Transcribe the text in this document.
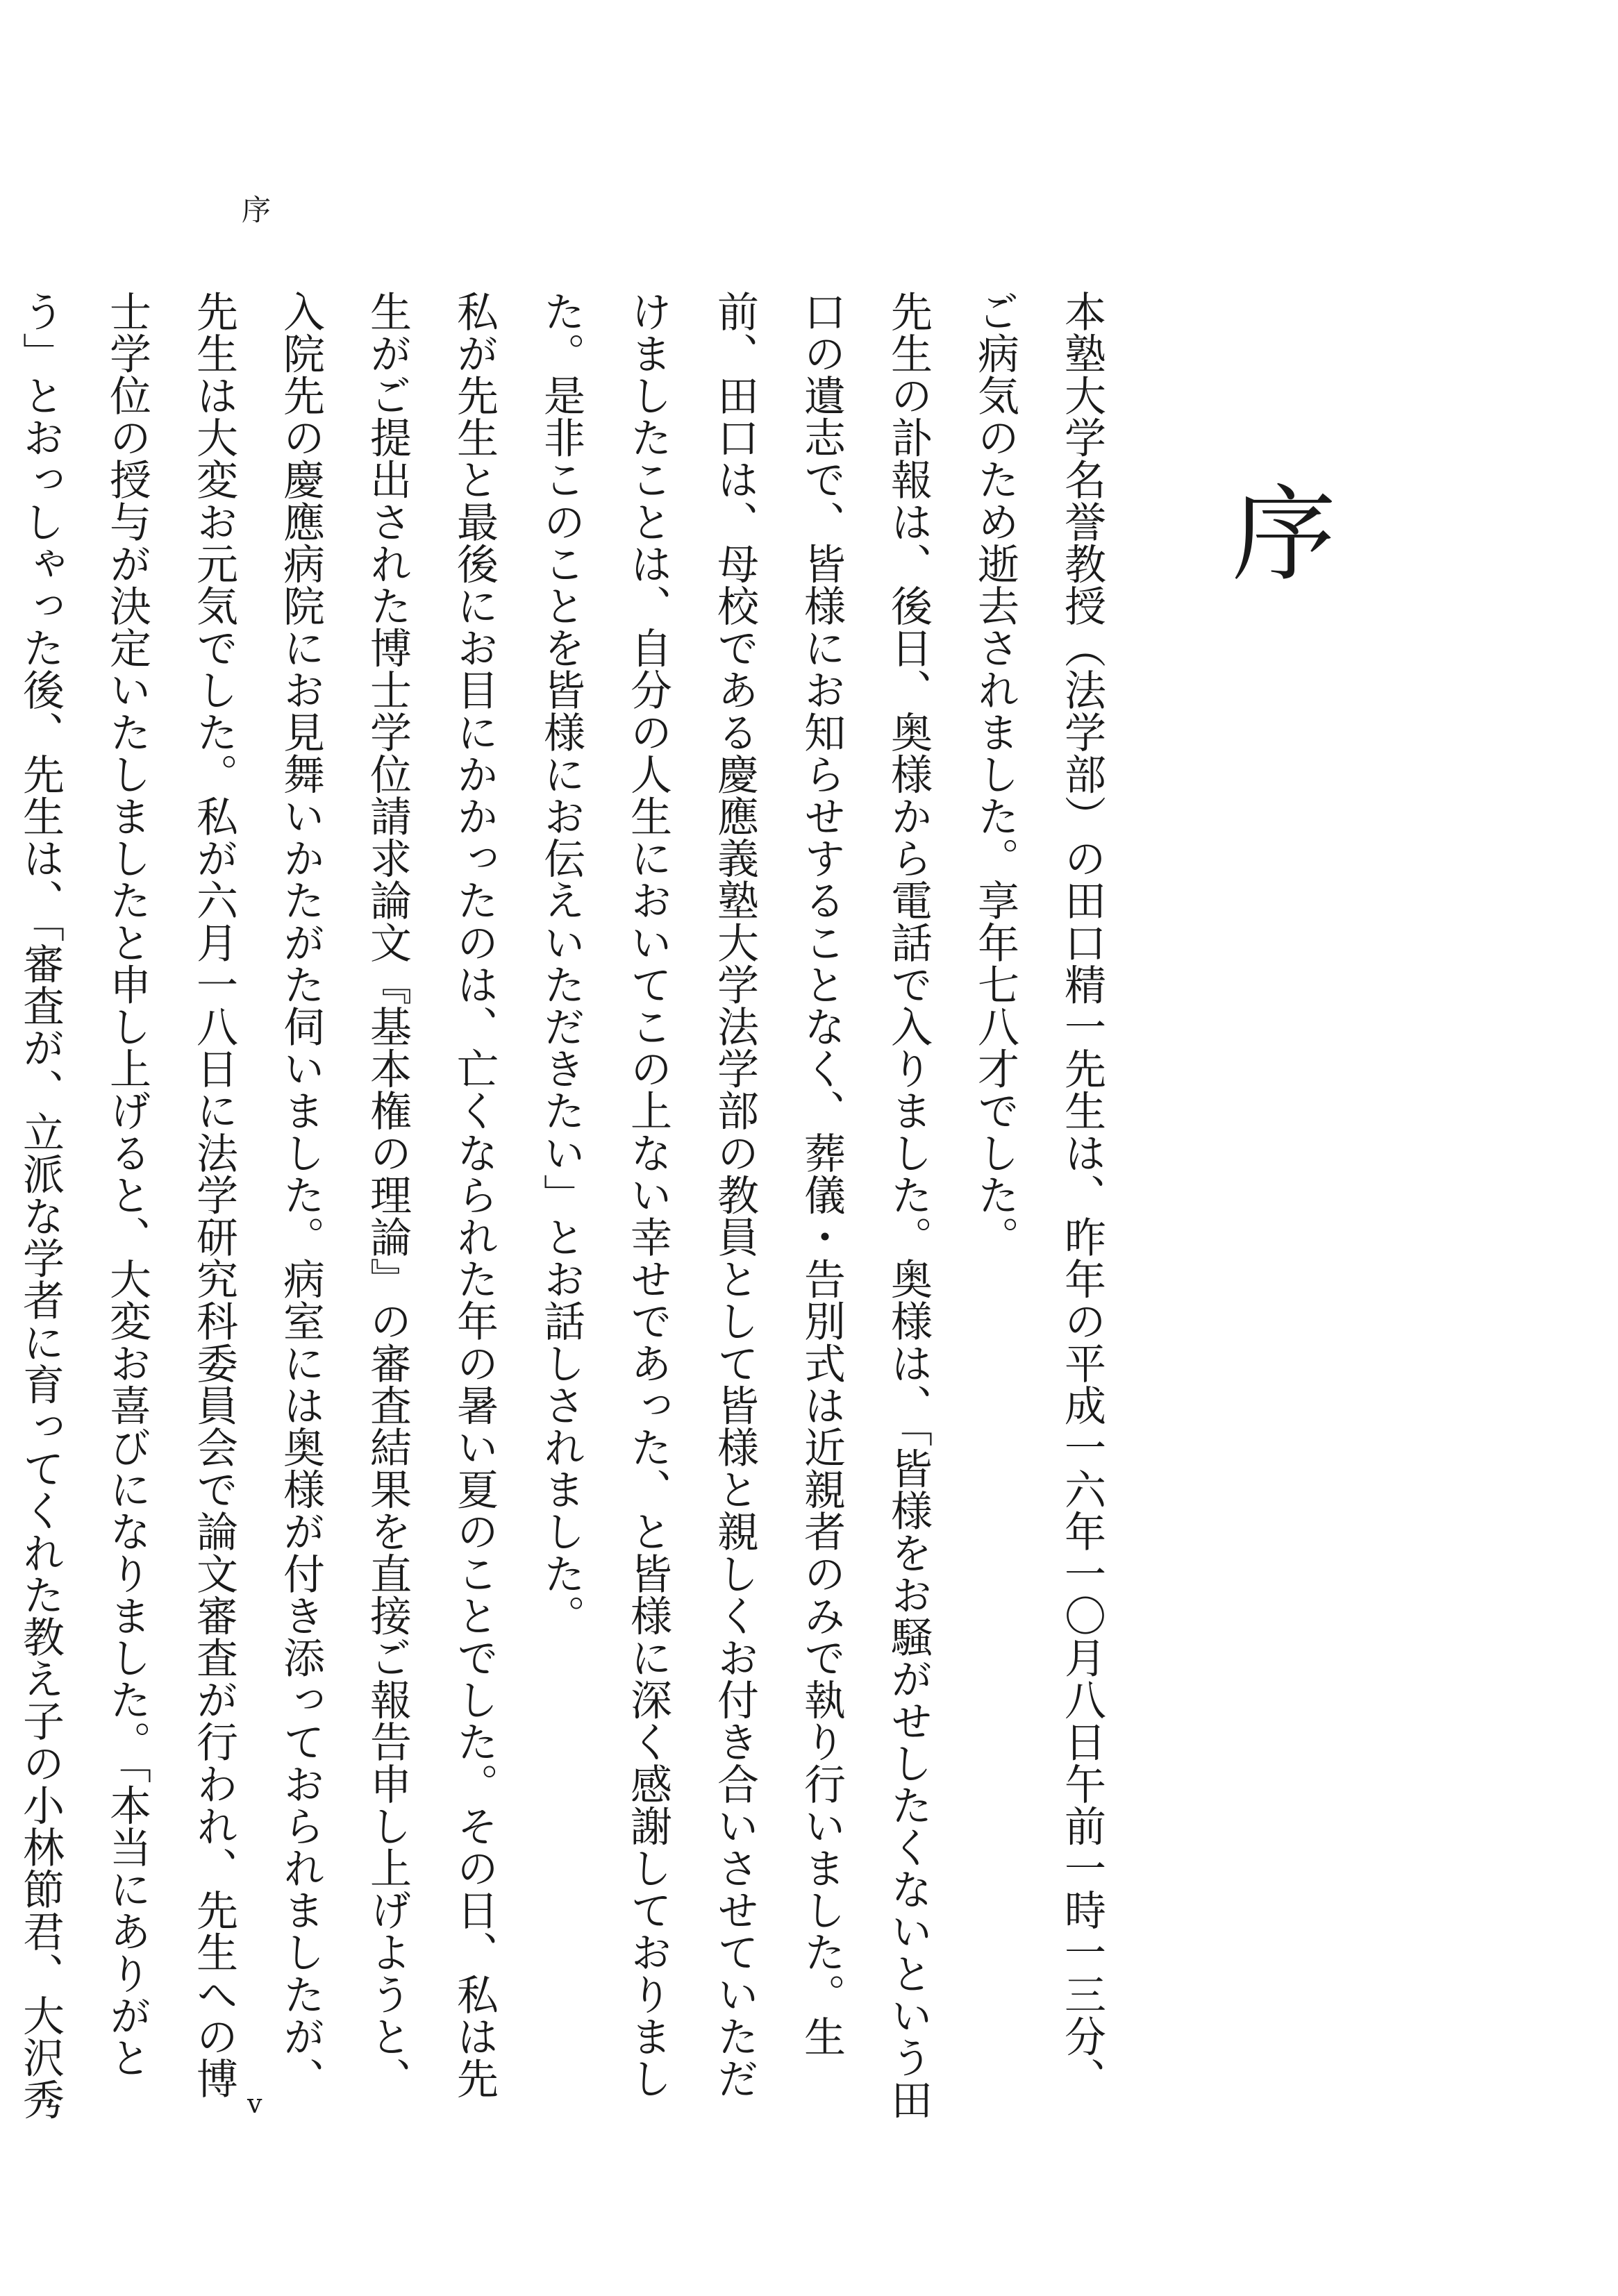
序
序

本塾大学名誉教授（法学部）の田口精一先生は、昨年の平成一六年一〇月八日午前一時一三分、ご病気のため逝去されました。享年七八才でした。

先生の訃報は、後日、奥様から電話で入りました。奥様は、「皆様をお騒がせしたくないという田口の遺志で、皆様にお知らせすることなく、葬儀・告別式は近親者のみで執り行いました。生前、田口は、母校である慶應義塾大学法学部の教員として皆様と親しくお付き合いさせていただけましたことは、自分の人生においてこの上ない幸せであった、と皆様に深く感謝しておりました。是非このことを皆様にお伝えいただきたい」とお話しされました。

私が先生と最後にお目にかかったのは、亡くなられた年の暑い夏のことでした。その日、私は先生がご提出された博士学位請求論文『基本権の理論』の審査結果を直接ご報告申し上げようと、入院先の慶應病院にお見舞いかたがた伺いました。病室には奥様が付き添っておられましたが、先生は大変お元気でした。私が六月一八日に法学研究科委員会で論文審査が行われ、先生への博士学位の授与が決定いたしましたと申し上げると、大変お喜びになりました。「本当にありがとう」とおっしゃった後、先生は、「審査が、立派な学者に育ってくれた教え子の小林節君、大沢秀	v
